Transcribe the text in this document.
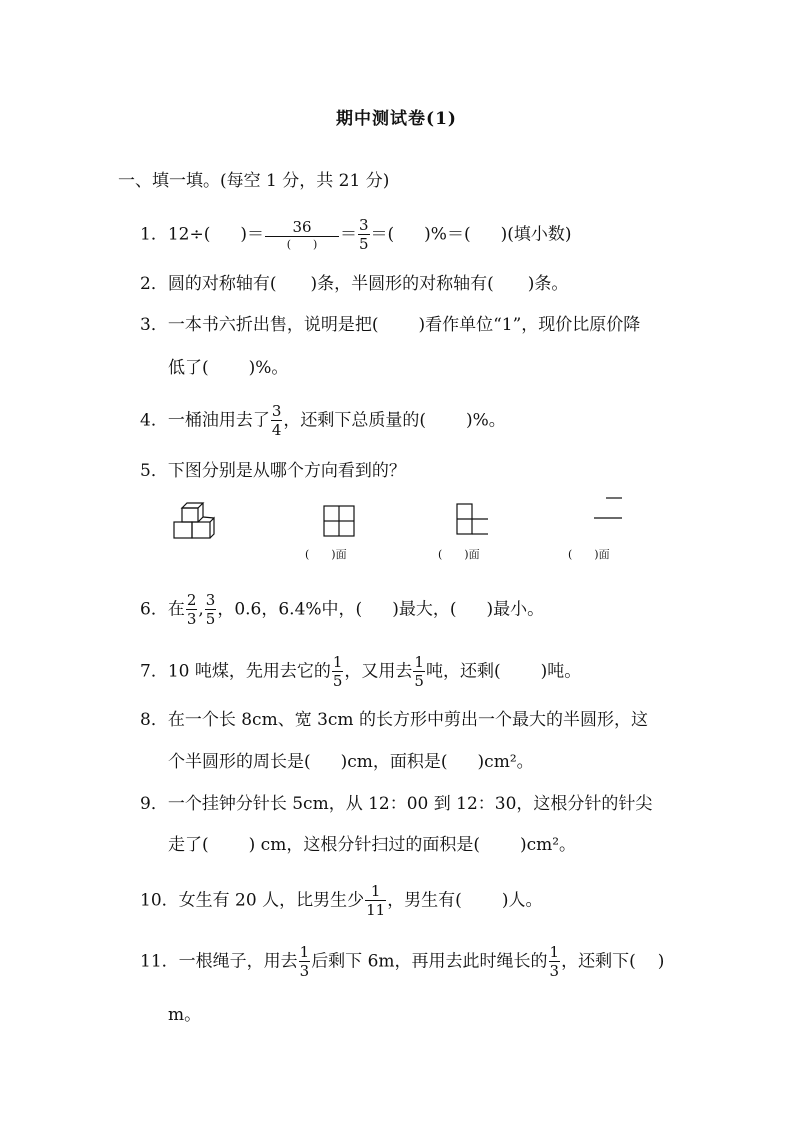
期中测试卷(1)
一、填一填。(每空 1 分，共 21 分)
1．12÷( )＝ $\frac{36}{( )} = \frac{3}{5}$ ＝( )%＝( )(填小数)
2．圆的对称轴有( )条，半圆形的对称轴有( )条。
3．一本书六折出售，说明是把( )看作单位“1”，现价比原价降
低了( )%。
4．一桶油用去了 $\frac{3}{4}$ ，还剩下总质量的( )%。
5．下图分别是从哪个方向看到的？
(　　)面	(　　)面	(　　)面
6．在 $\frac{2}{3}$ , $\frac{3}{5}$ ，0.6，6.4%中，( )最大，( )最小。
7．10 吨煤，先用去它的 $\frac{1}{5}$ ，又用去 $\frac{1}{5}$ 吨，还剩( )吨。
8．在一个长 8cm、宽 3cm 的长方形中剪出一个最大的半圆形，这
个半圆形的周长是( )cm，面积是( )cm²。
9．一个挂钟分针长 5cm，从 12：00 到 12：30，这根分针的针尖
走了( ) cm，这根分针扫过的面积是( )cm²。
10．女生有 20 人，比男生少 $\frac{1}{11}$ ，男生有( )人。
11．一根绳子，用去 $\frac{1}{3}$ 后剩下 6m，再用去此时绳长的 $\frac{1}{3}$ ，还剩下( )
m。
